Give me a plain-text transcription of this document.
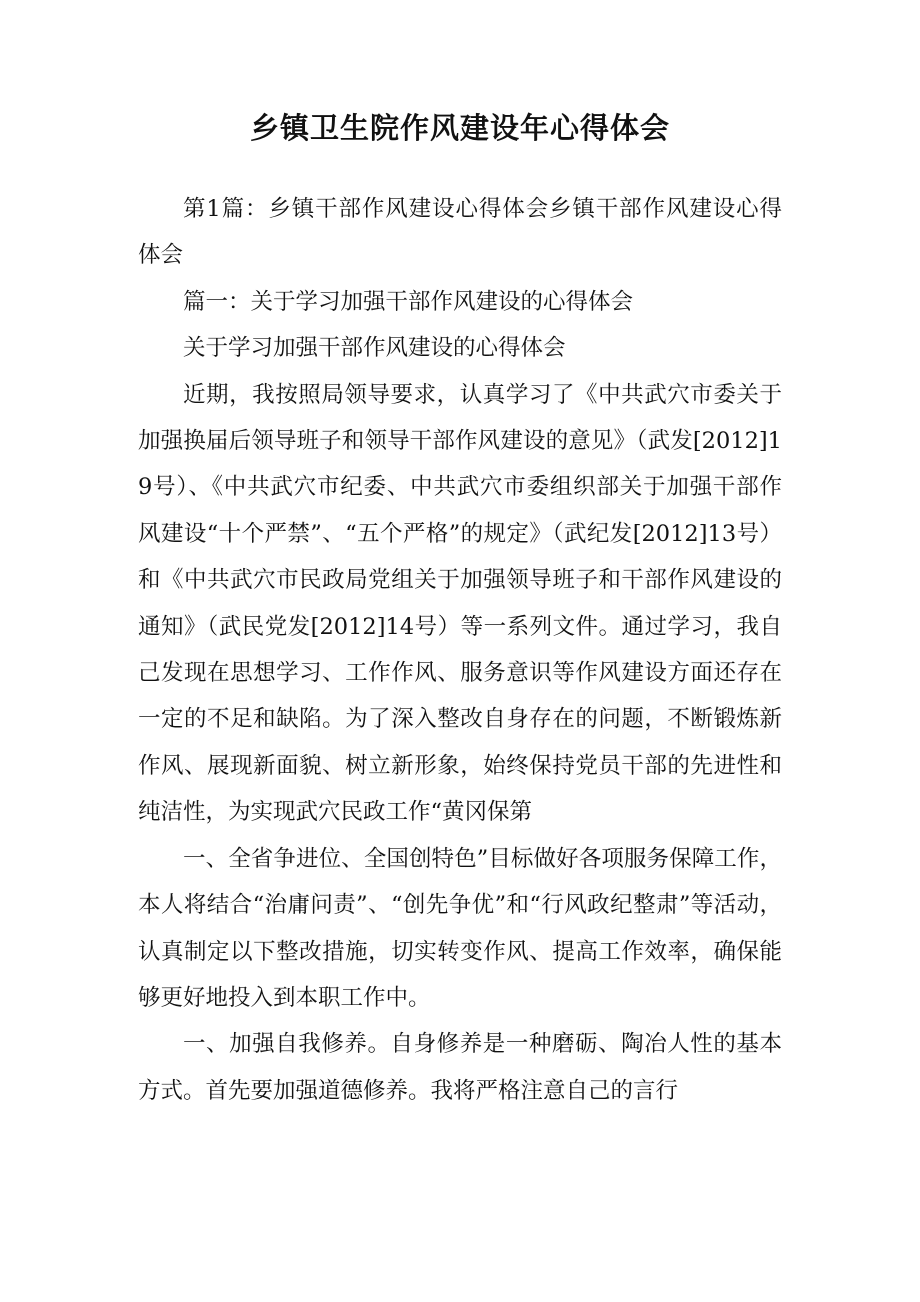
乡镇卫生院作风建设年心得体会

第1篇：乡镇干部作风建设心得体会乡镇干部作风建设心得体会

篇一：关于学习加强干部作风建设的心得体会

关于学习加强干部作风建设的心得体会

近期，我按照局领导要求，认真学习了《中共武穴市委关于加强换届后领导班子和领导干部作风建设的意见》（武发[2012]19号）、《中共武穴市纪委、中共武穴市委组织部关于加强干部作风建设“十个严禁”、“五个严格”的规定》（武纪发[2012]13号）和《中共武穴市民政局党组关于加强领导班子和干部作风建设的通知》（武民党发[2012]14号）等一系列文件。通过学习，我自己发现在思想学习、工作作风、服务意识等作风建设方面还存在一定的不足和缺陷。为了深入整改自身存在的问题，不断锻炼新作风、展现新面貌、树立新形象，始终保持党员干部的先进性和纯洁性，为实现武穴民政工作“黄冈保第

一、全省争进位、全国创特色”目标做好各项服务保障工作，本人将结合“治庸问责”、“创先争优”和“行风政纪整肃”等活动，认真制定以下整改措施，切实转变作风、提高工作效率，确保能够更好地投入到本职工作中。

一、加强自我修养。自身修养是一种磨砺、陶冶人性的基本方式。首先要加强道德修养。我将严格注意自己的言行
